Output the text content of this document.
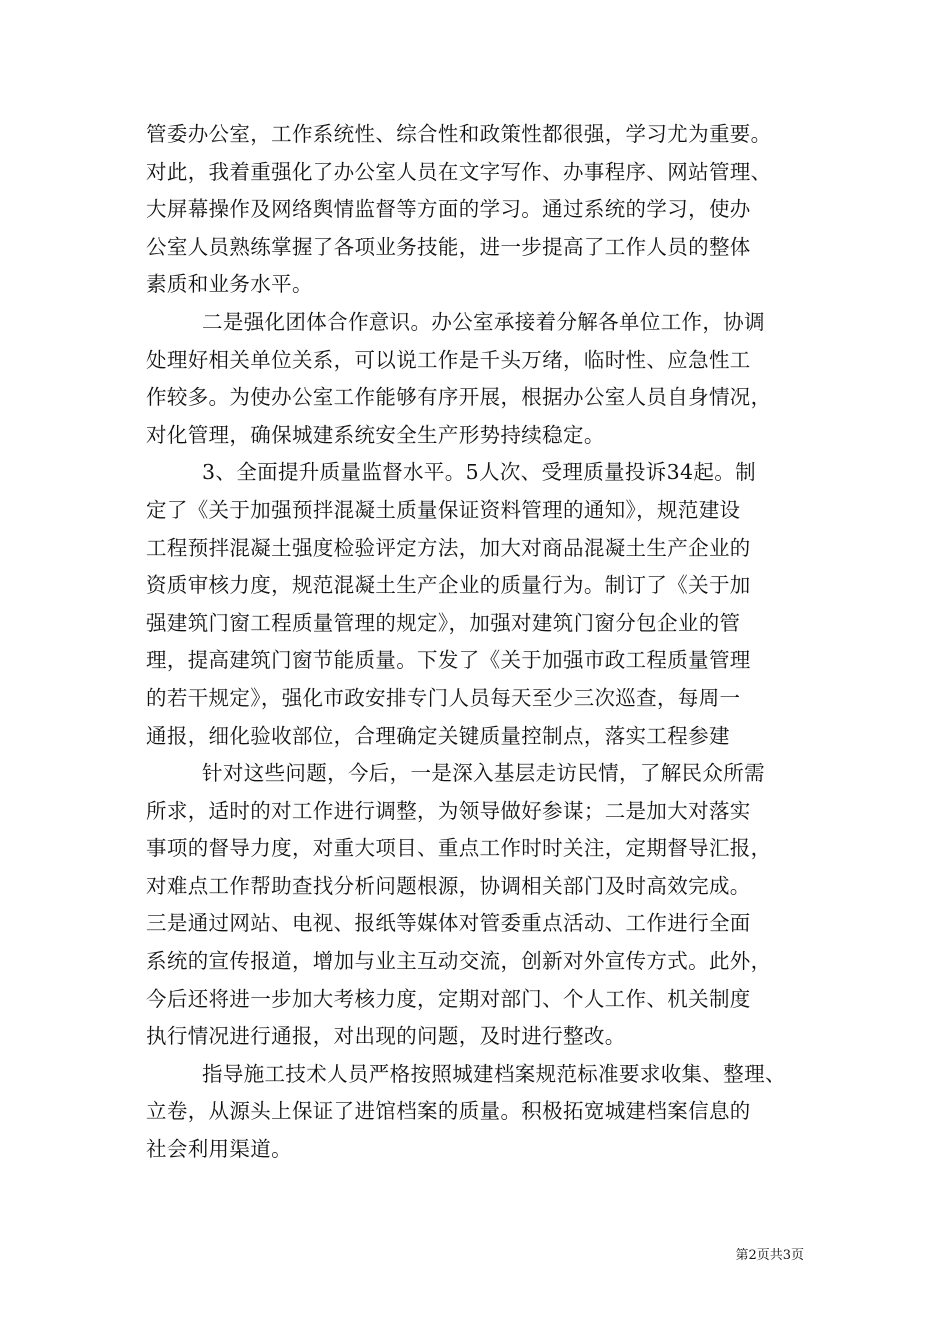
管委办公室，工作系统性、综合性和政策性都很强，学习尤为重要。
对此，我着重强化了办公室人员在文字写作、办事程序、网站管理、
大屏幕操作及网络舆情监督等方面的学习。通过系统的学习，使办
公室人员熟练掌握了各项业务技能，进一步提高了工作人员的整体
素质和业务水平。

二是强化团体合作意识。办公室承接着分解各单位工作，协调
处理好相关单位关系，可以说工作是千头万绪，临时性、应急性工
作较多。为使办公室工作能够有序开展，根据办公室人员自身情况，
对化管理，确保城建系统安全生产形势持续稳定。

3、全面提升质量监督水平。5人次、受理质量投诉34起。制
定了《关于加强预拌混凝土质量保证资料管理的通知》，规范建设
工程预拌混凝土强度检验评定方法，加大对商品混凝土生产企业的
资质审核力度，规范混凝土生产企业的质量行为。制订了《关于加
强建筑门窗工程质量管理的规定》，加强对建筑门窗分包企业的管
理，提高建筑门窗节能质量。下发了《关于加强市政工程质量管理
的若干规定》，强化市政安排专门人员每天至少三次巡查，每周一
通报，细化验收部位，合理确定关键质量控制点，落实工程参建

针对这些问题，今后，一是深入基层走访民情，了解民众所需
所求，适时的对工作进行调整，为领导做好参谋；二是加大对落实
事项的督导力度，对重大项目、重点工作时时关注，定期督导汇报，
对难点工作帮助查找分析问题根源，协调相关部门及时高效完成。
三是通过网站、电视、报纸等媒体对管委重点活动、工作进行全面
系统的宣传报道，增加与业主互动交流，创新对外宣传方式。此外，
今后还将进一步加大考核力度，定期对部门、个人工作、机关制度
执行情况进行通报，对出现的问题，及时进行整改。

指导施工技术人员严格按照城建档案规范标准要求收集、整理、
立卷，从源头上保证了进馆档案的质量。积极拓宽城建档案信息的
社会利用渠道。

第2页共3页
